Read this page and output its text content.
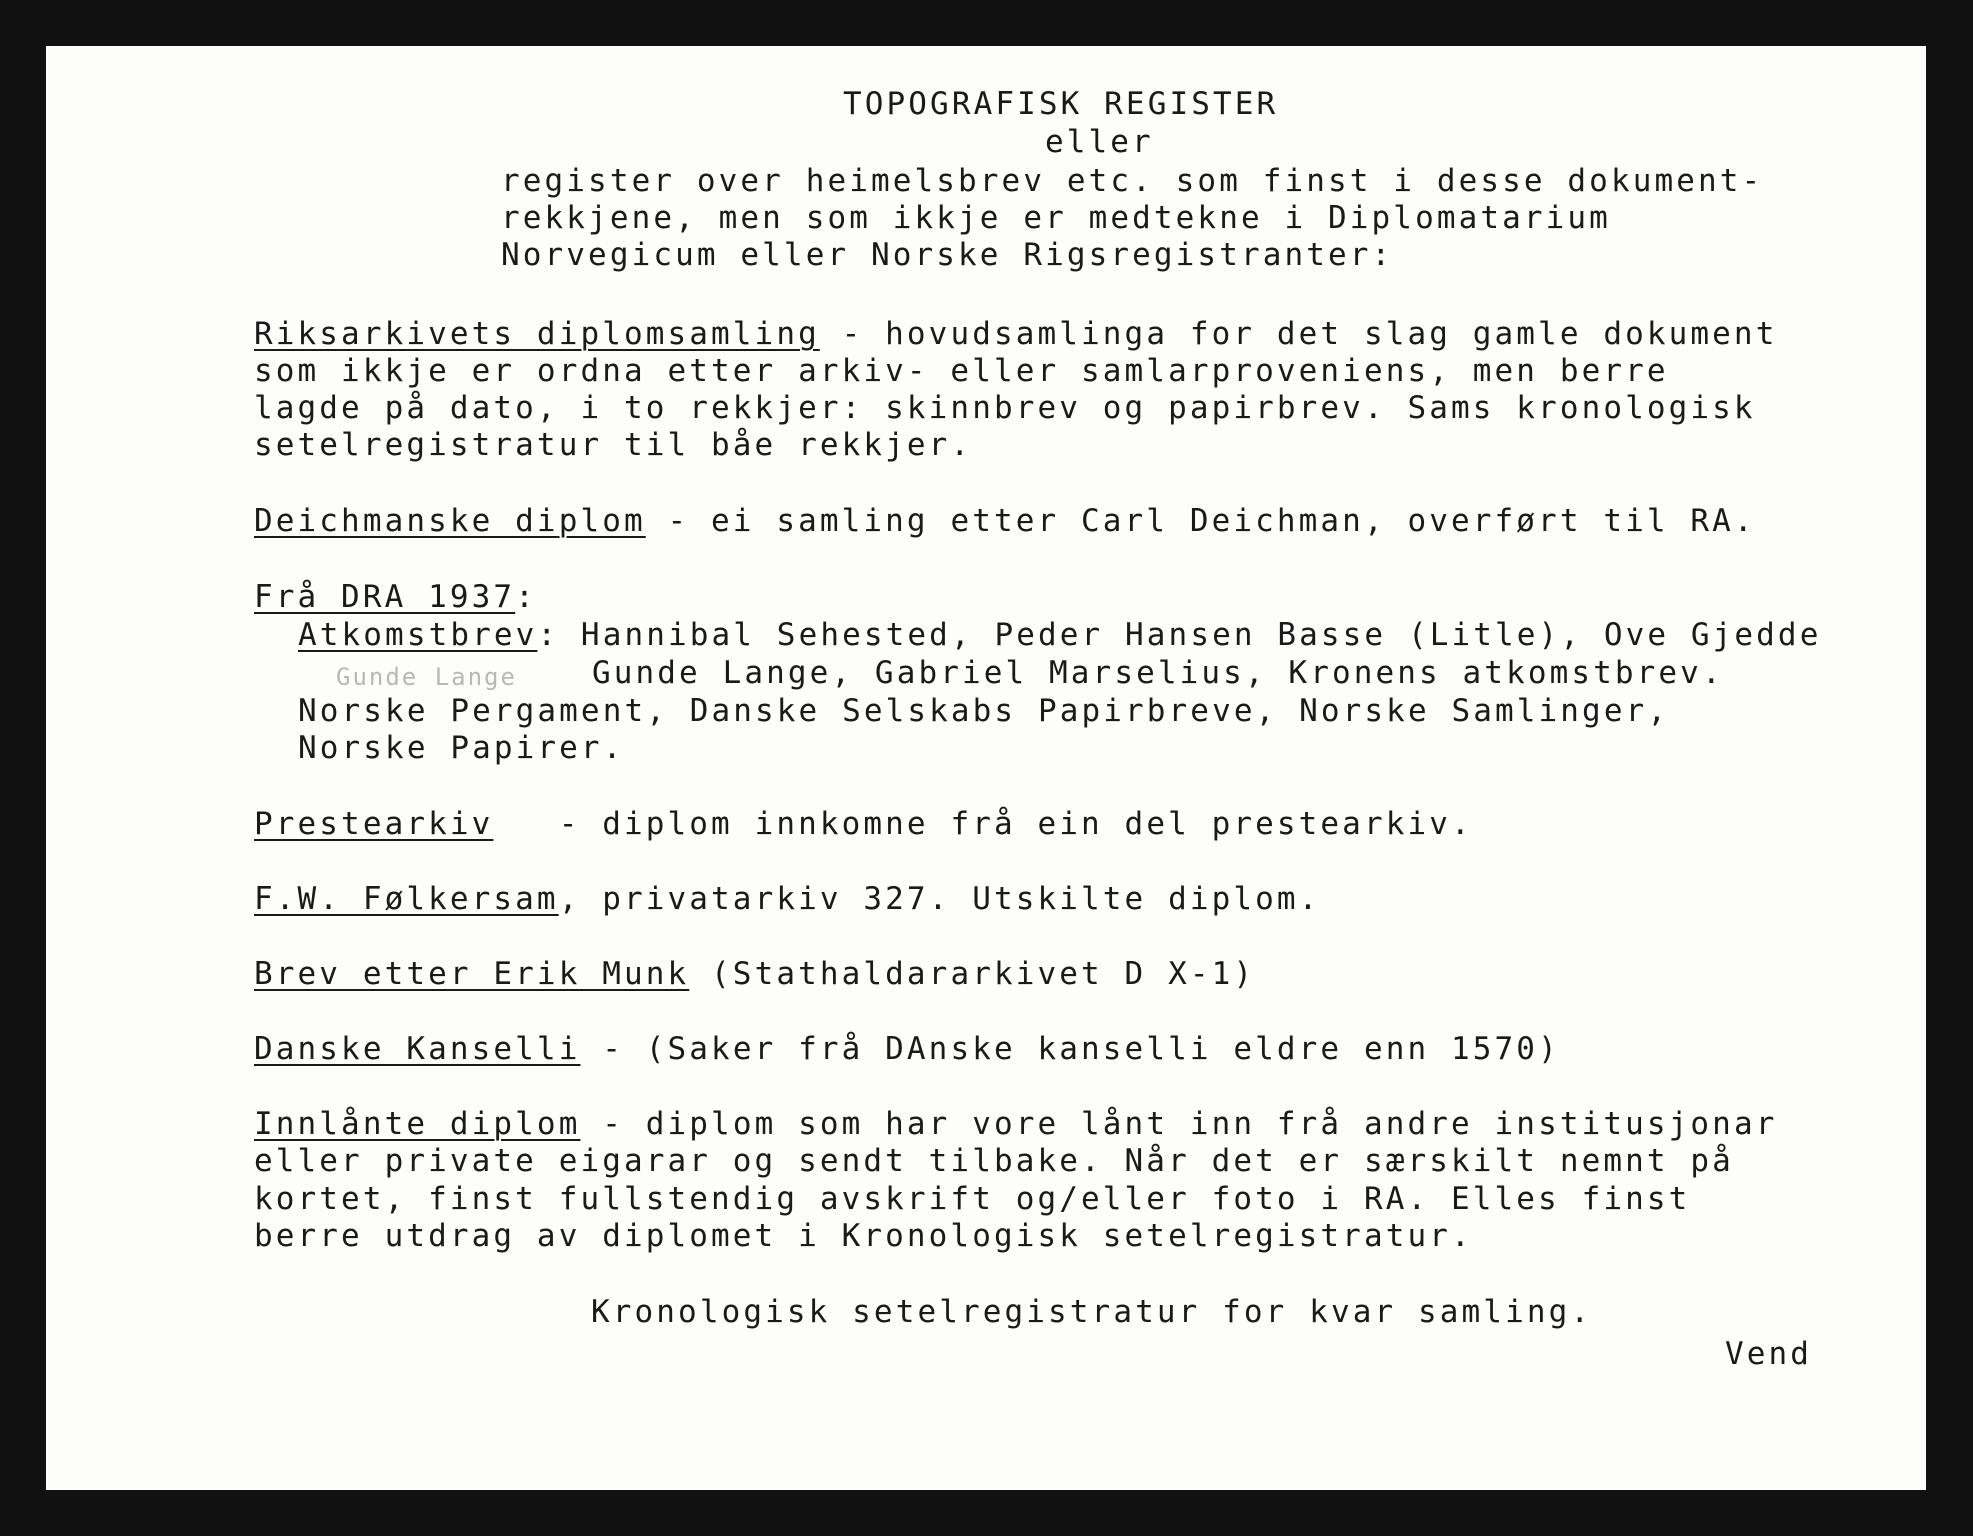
TOPOGRAFISK REGISTER
eller
register over heimelsbrev etc. som finst i desse dokument-
rekkjene, men som ikkje er medtekne i Diplomatarium
Norvegicum eller Norske Rigsregistranter:
Riksarkivets diplomsamling - hovudsamlinga for det slag gamle dokument
som ikkje er ordna etter arkiv- eller samlarproveniens, men berre
lagde på dato, i to rekkjer: skinnbrev og papirbrev. Sams kronologisk
setelregistratur til båe rekkjer.
Deichmanske diplom - ei samling etter Carl Deichman, overført til RA.
Frå DRA 1937:
Atkomstbrev: Hannibal Sehested, Peder Hansen Basse (Litle), Ove Gjedde
Gunde Lange Gunde Lange, Gabriel Marselius, Kronens atkomstbrev.
Norske Pergament, Danske Selskabs Papirbreve, Norske Samlinger,
Norske Papirer.
Prestearkiv   - diplom innkomne frå ein del prestearkiv.
F.W. Følkersam, privatarkiv 327. Utskilte diplom.
Brev etter Erik Munk (Stathaldararkivet D X-1)
Danske Kanselli - (Saker frå DAnske kanselli eldre enn 1570)
Innlånte diplom - diplom som har vore lånt inn frå andre institusjonar
eller private eigarar og sendt tilbake. Når det er særskilt nemnt på
kortet, finst fullstendig avskrift og/eller foto i RA. Elles finst
berre utdrag av diplomet i Kronologisk setelregistratur.
Kronologisk setelregistratur for kvar samling.
Vend
